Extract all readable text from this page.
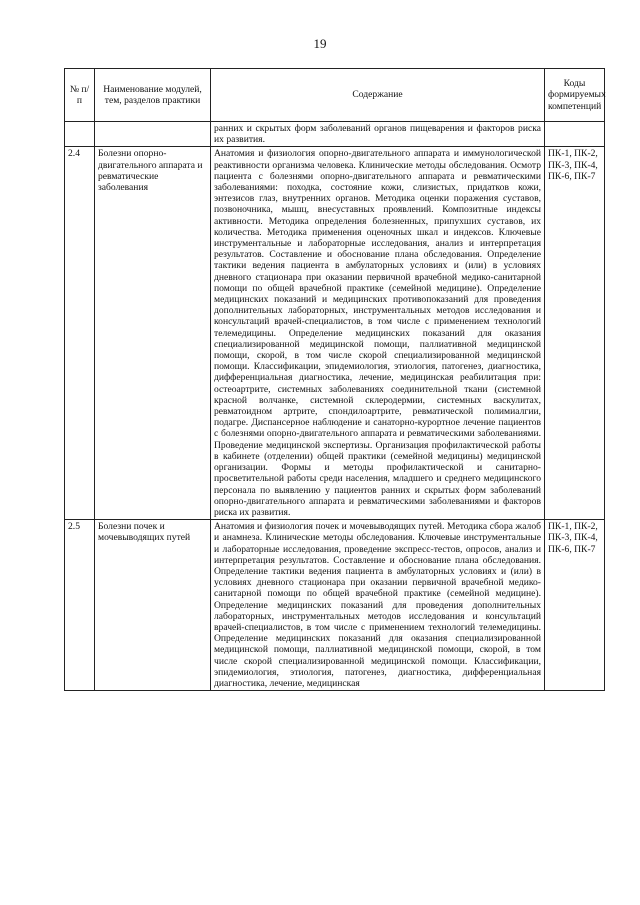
19
№ п/п	Наименование модулей, тем, разделов практики	Содержание	Коды формируемых компетенций
		ранних и скрытых форм заболеваний органов пищеварения и факторов риска их развития.	
2.4	Болезни опорно-двигательного аппарата и ревматические заболевания	Анатомия и физиология опорно-двигательного аппарата и иммунологической реактивности организма человека. Клинические методы обследования. Осмотр пациента с болезнями опорно-двигательного аппарата и ревматическими заболеваниями: походка, состояние кожи, слизистых, придатков кожи, энтезисов глаз, внутренних органов. Методика оценки поражения суставов, позвоночника, мышц, внесуставных проявлений. Композитные индексы активности. Методика определения болезненных, припухших суставов, их количества. Методика применения оценочных шкал и индексов. Ключевые инструментальные и лабораторные исследования, анализ и интерпретация результатов. Составление и обоснование плана обследования. Определение тактики ведения пациента в амбулаторных условиях и (или) в условиях дневного стационара при оказании первичной врачебной медико-санитарной помощи по общей врачебной практике (семейной медицине). Определение медицинских показаний и медицинских противопоказаний для проведения дополнительных лабораторных, инструментальных методов исследования и консультаций врачей-специалистов, в том числе с применением технологий телемедицины. Определение медицинских показаний для оказания специализированной медицинской помощи, паллиативной медицинской помощи, скорой, в том числе скорой специализированной медицинской помощи. Классификации, эпидемиология, этиология, патогенез, диагностика, дифференциальная диагностика, лечение, медицинская реабилитация при: остеоартрите, системных заболеваниях соединительной ткани (системной красной волчанке, системной склеродермии, системных васкулитах, ревматоидном артрите, спондилоартрите, ревматической полимиалгии, подагре. Диспансерное наблюдение и санаторно-курортное лечение пациентов с болезнями опорно-двигательного аппарата и ревматическими заболеваниями. Проведение медицинской экспертизы. Организация профилактической работы в кабинете (отделении) общей практики (семейной медицины) медицинской организации. Формы и методы профилактической и санитарно-просветительной работы среди населения, младшего и среднего медицинского персонала по выявлению у пациентов ранних и скрытых форм заболеваний опорно-двигательного аппарата и ревматическими заболеваниями и факторов риска их развития.	ПК-1, ПК-2, ПК-3, ПК-4, ПК-6, ПК-7
2.5	Болезни почек и мочевыводящих путей	Анатомия и физиология почек и мочевыводящих путей. Методика сбора жалоб и анамнеза. Клинические методы обследования. Ключевые инструментальные и лабораторные исследования, проведение экспресс-тестов, опросов, анализ и интерпретация результатов. Составление и обоснование плана обследования. Определение тактики ведения пациента в амбулаторных условиях и (или) в условиях дневного стационара при оказании первичной врачебной медико-санитарной помощи по общей врачебной практике (семейной медицине). Определение медицинских показаний для проведения дополнительных лабораторных, инструментальных методов исследования и консультаций врачей-специалистов, в том числе с применением технологий телемедицины. Определение медицинских показаний для оказания специализированной медицинской помощи, паллиативной медицинской помощи, скорой, в том числе скорой специализированной медицинской помощи. Классификации, эпидемиология, этиология, патогенез, диагностика, дифференциальная диагностика, лечение, медицинская	ПК-1, ПК-2, ПК-3, ПК-4, ПК-6, ПК-7
